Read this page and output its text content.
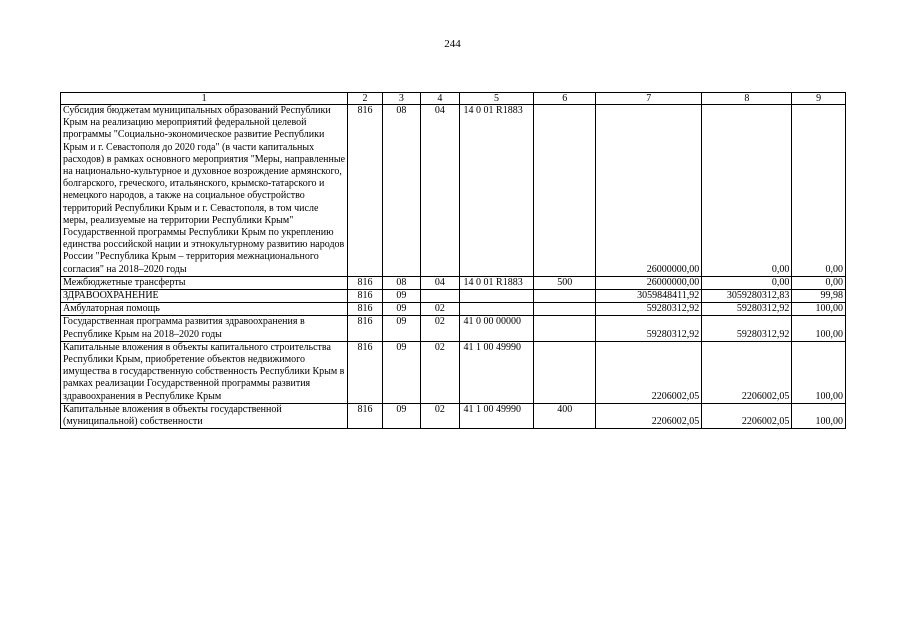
244
1	2	3	4	5	6	7	8	9
Субсидия бюджетам муниципальных образований Республики Крым на реализацию мероприятий федеральной целевой программы "Социально-экономическое развитие Республики Крым и г. Севастополя до 2020 года" (в части капитальных расходов) в рамках основного мероприятия "Меры, направленные на национально-культурное и духовное возрождение армянского, болгарского, греческого, итальянского, крымско-татарского и немецкого народов, а также на социальное обустройство территорий Республики Крым и г. Севастополя, в том числе меры, реализуемые на территории Республики Крым" Государственной программы Республики Крым по укреплению единства российской нации и этнокультурному развитию народов России "Республика Крым – территория межнационального согласия" на 2018–2020 годы	816	08	04	14 0 01 R1883		26000000,00	0,00	0,00
Межбюджетные трансферты	816	08	04	14 0 01 R1883	500	26000000,00	0,00	0,00
ЗДРАВООХРАНЕНИЕ	816	09				3059848411,92	3059280312,83	99,98
Амбулаторная помощь	816	09	02			59280312,92	59280312,92	100,00
Государственная программа развития здравоохранения в Республике Крым на 2018–2020 годы	816	09	02	41 0 00 00000		59280312,92	59280312,92	100,00
Капитальные вложения в объекты капитального строительства Республики Крым, приобретение объектов недвижимого имущества в государственную собственность Республики Крым в рамках реализации Государственной программы развития здравоохранения в Республике Крым	816	09	02	41 1 00 49990		2206002,05	2206002,05	100,00
Капитальные вложения в объекты государственной (муниципальной) собственности	816	09	02	41 1 00 49990	400	2206002,05	2206002,05	100,00
